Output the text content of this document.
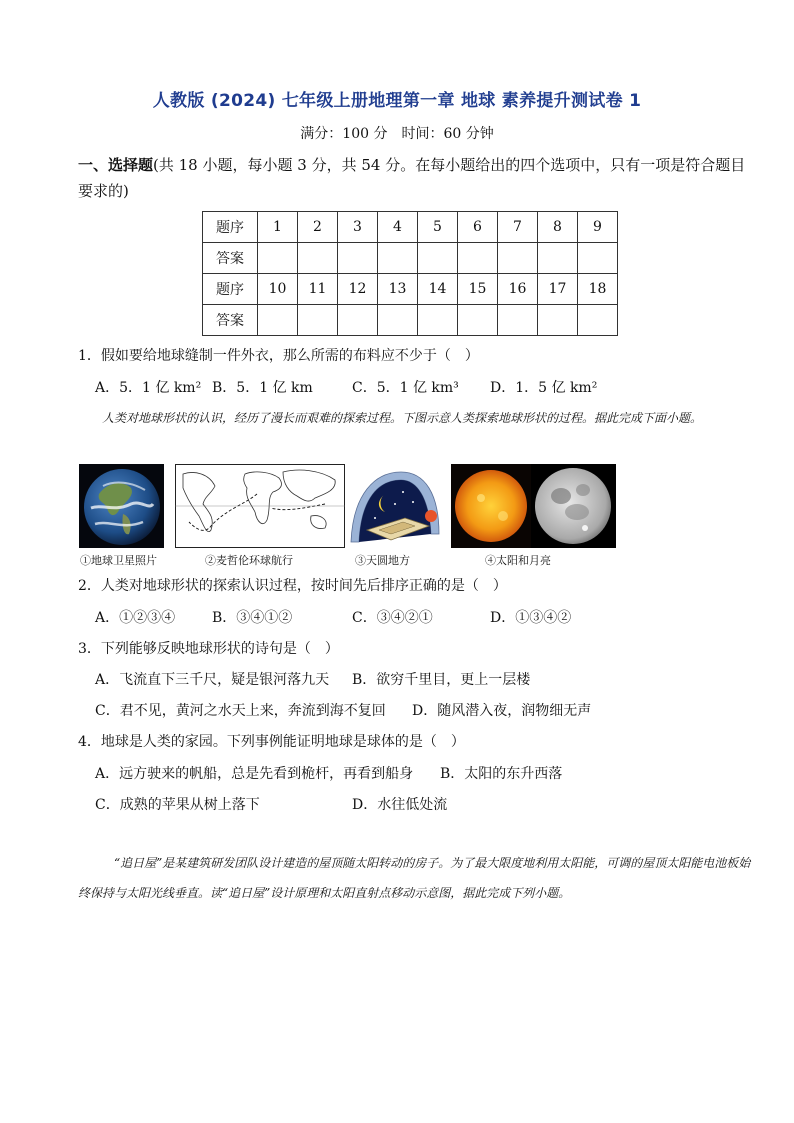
人教版 (2024) 七年级上册地理第一章 地球 素养提升测试卷 1
满分：100 分　时间：60 分钟
一、选择题(共 18 小题，每小题 3 分，共 54 分。在每小题给出的四个选项中，只有一项是符合题目要求的)
题序	1	2	3	4	5	6	7	8	9
答案									
题序	10	11	12	13	14	15	16	17	18
答案									
1．假如要给地球缝制一件外衣，那么所需的布料应不少于（　）
A．5．1 亿 km² B．5．1 亿 km	C．5．1 亿 km³ D．1．5 亿 km²
人类对地球形状的认识，经历了漫长而艰难的探索过程。下图示意人类探索地球形状的过程。据此完成下面小题。
①地球卫星照片	②麦哲伦环球航行	③天圆地方	④太阳和月亮
2．人类对地球形状的探索认识过程，按时间先后排序正确的是（　）
A．①②③④	B．③④①②	C．③④②①	D．①③④②
3．下列能够反映地球形状的诗句是（　）
A．飞流直下三千尺，疑是银河落九天 B．欲穷千里目，更上一层楼
C．君不见，黄河之水天上来，奔流到海不复回 D．随风潜入夜，润物细无声
4．地球是人类的家园。下列事例能证明地球是球体的是（　）
A．远方驶来的帆船，总是先看到桅杆，再看到船身 B．太阳的东升西落
C．成熟的苹果从树上落下	D．水往低处流
“追日屋”是某建筑研发团队设计建造的屋顶随太阳转动的房子。为了最大限度地利用太阳能，可调的屋顶太阳能电池板始终保持与太阳光线垂直。读“追日屋”设计原理和太阳直射点移动示意图，据此完成下列小题。
